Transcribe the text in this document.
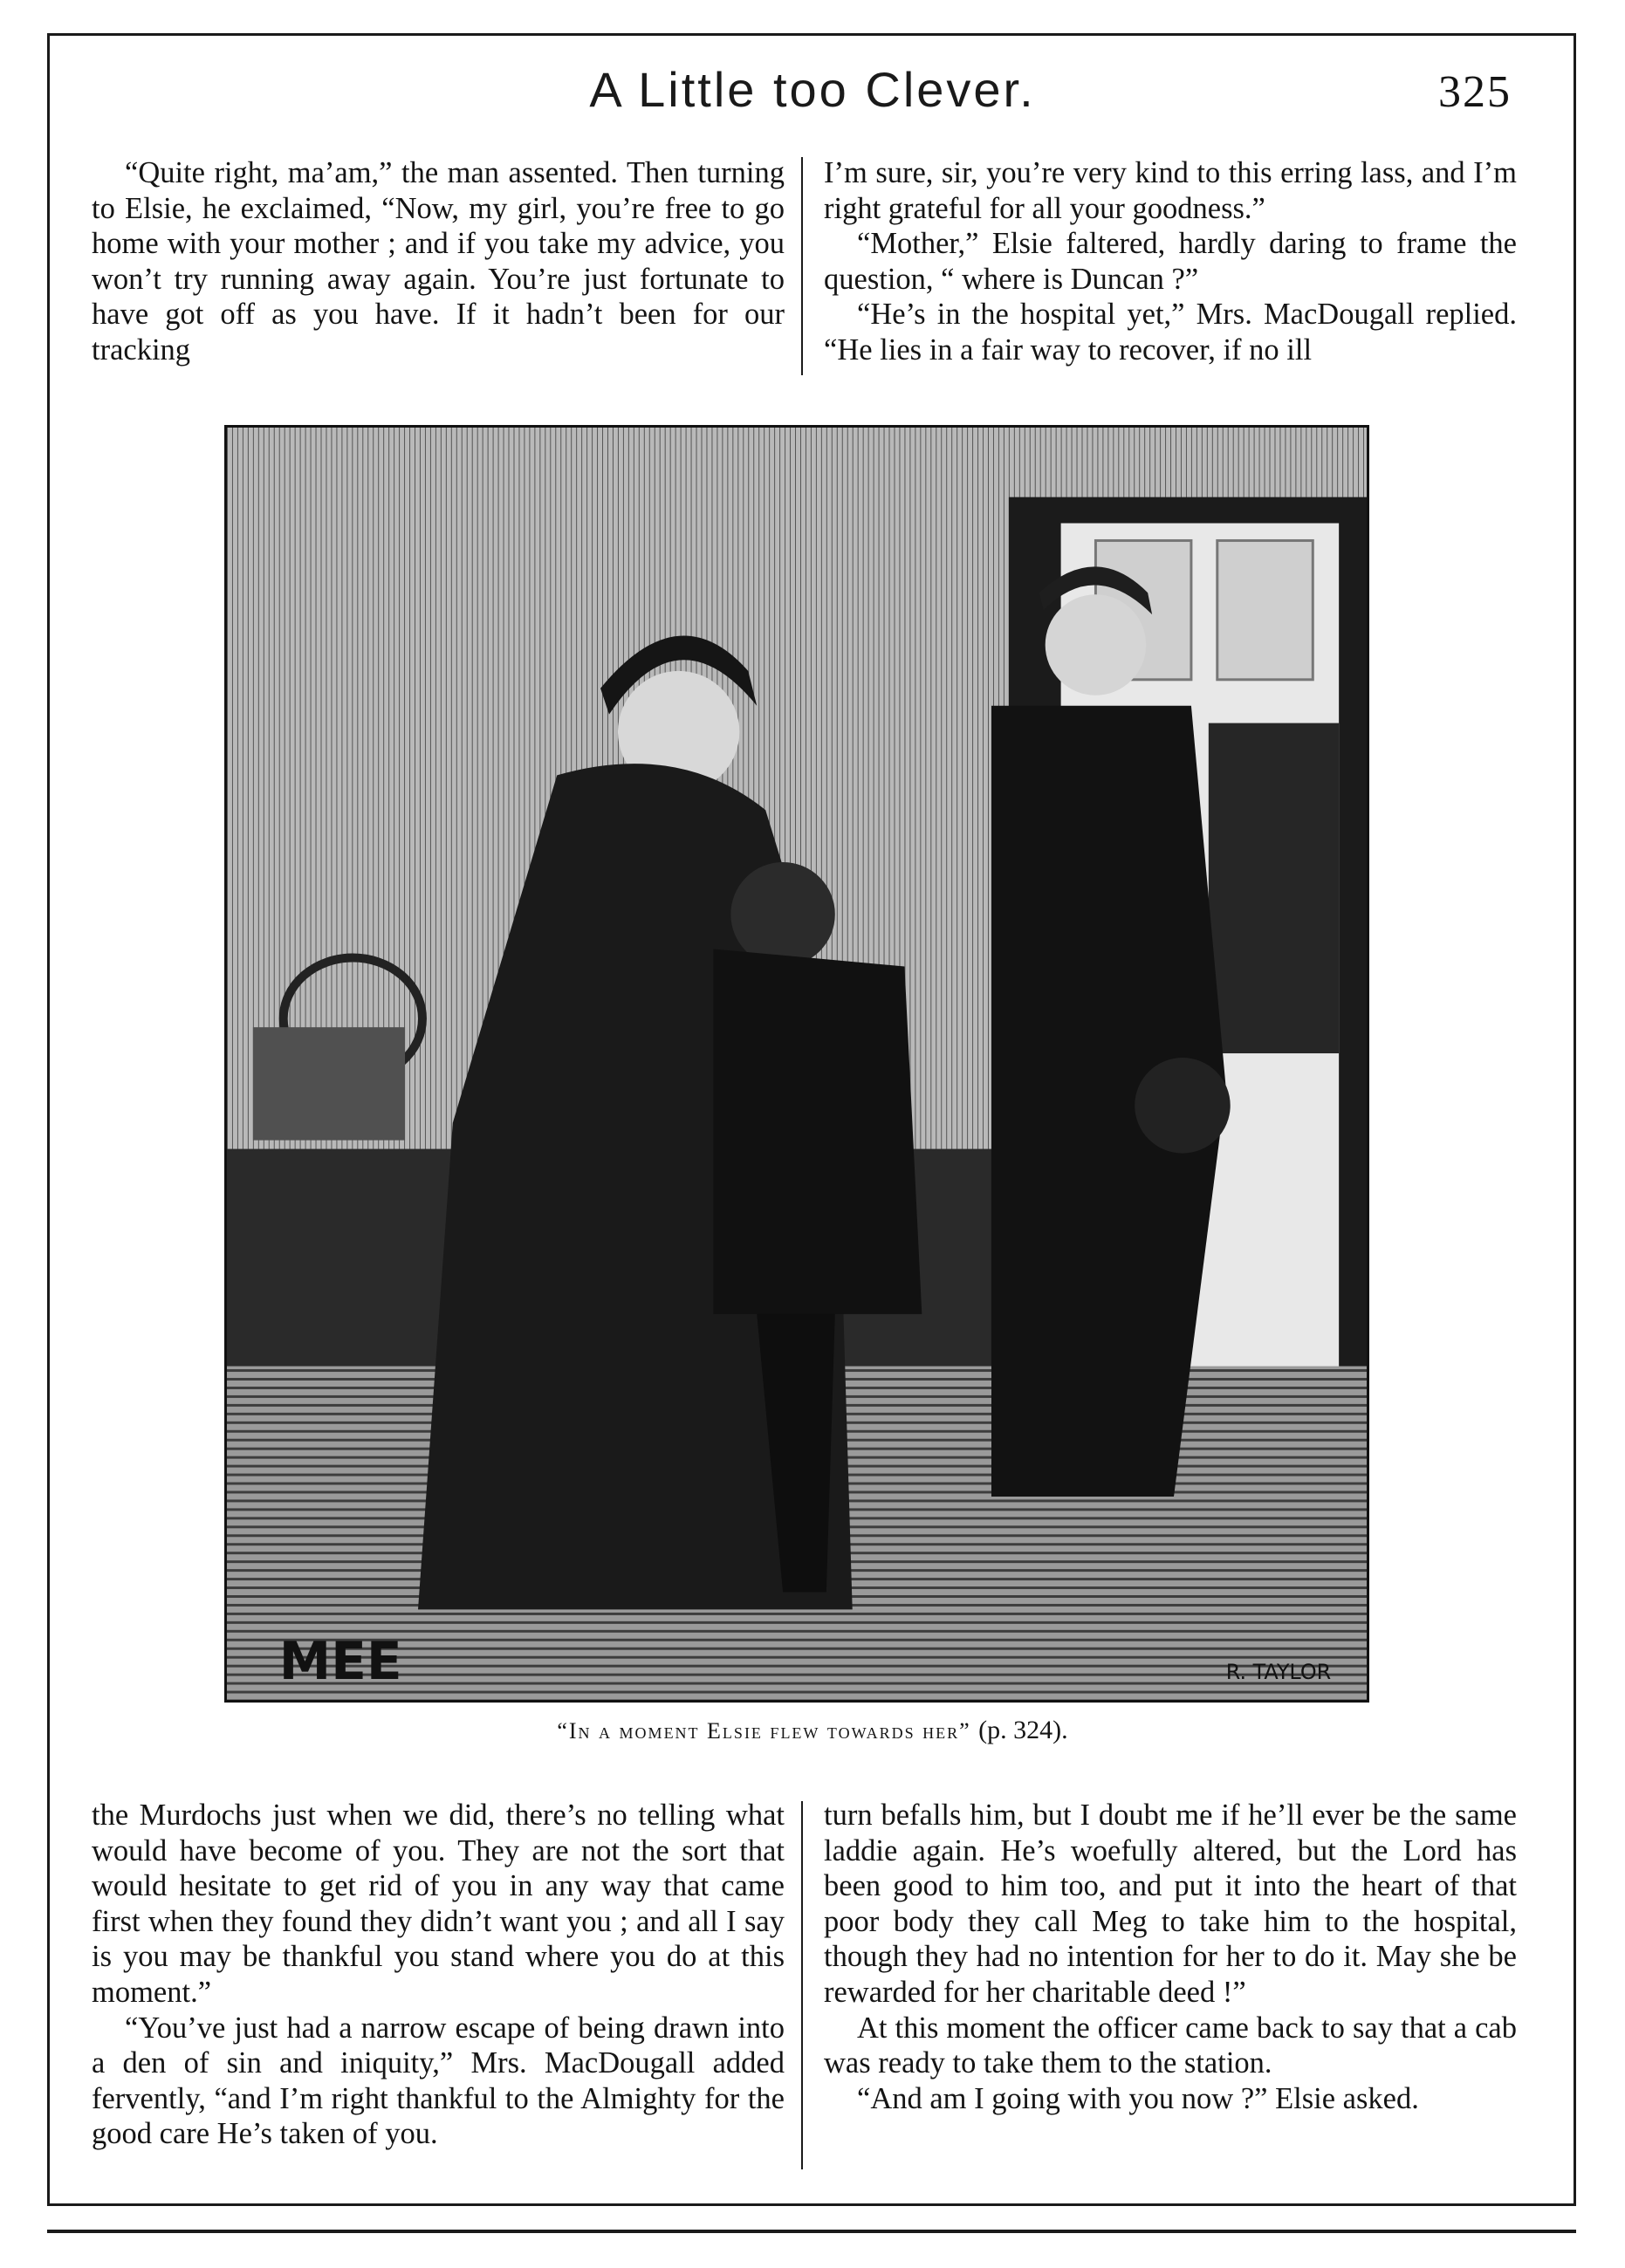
A Little too Clever.	325

“Quite right, ma’am,” the man assented. Then turning to Elsie, he exclaimed, “Now, my girl, you’re free to go home with your mother ; and if you take my advice, you won’t try running away again. You’re just fortunate to have got off as you have. If it hadn’t been for our tracking

I’m sure, sir, you’re very kind to this erring lass, and I’m right grateful for all your goodness.”

“Mother,” Elsie faltered, hardly daring to frame the question, “ where is Duncan ?”

“He’s in the hospital yet,” Mrs. MacDougall replied. “He lies in a fair way to recover, if no ill

MEE	R. TAYLOR
“In a moment Elsie flew towards her” (p. 324).

the Murdochs just when we did, there’s no telling what would have become of you. They are not the sort that would hesitate to get rid of you in any way that came first when they found they didn’t want you ; and all I say is you may be thankful you stand where you do at this moment.”

“You’ve just had a narrow escape of being drawn into a den of sin and iniquity,” Mrs. MacDougall added fervently, “and I’m right thankful to the Almighty for the good care He’s taken of you.

turn befalls him, but I doubt me if he’ll ever be the same laddie again. He’s woefully altered, but the Lord has been good to him too, and put it into the heart of that poor body they call Meg to take him to the hospital, though they had no intention for her to do it. May she be rewarded for her charitable deed !”

At this moment the officer came back to say that a cab was ready to take them to the station.

“And am I going with you now ?” Elsie asked.
